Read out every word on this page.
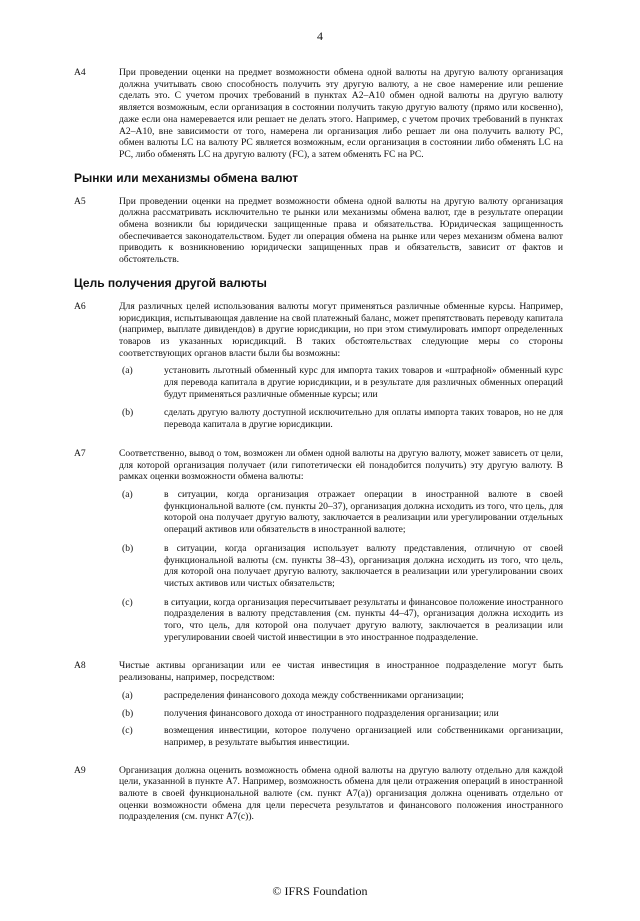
4
A4	При проведении оценки на предмет возможности обмена одной валюты на другую валюту организация должна учитывать свою способность получить эту другую валюту, а не свое намерение или решение сделать это. С учетом прочих требований в пунктах А2–А10 обмен одной валюты на другую валюту является возможным, если организация в состоянии получить такую другую валюту (прямо или косвенно), даже если она намеревается или решает не делать этого. Например, с учетом прочих требований в пунктах А2–А10, вне зависимости от того, намерена ли организация либо решает ли она получить валюту PC, обмен валюты LC на валюту PC является возможным, если организация в состоянии либо обменять LC на PC, либо обменять LC на другую валюту (FC), а затем обменять FC на PC.
Рынки или механизмы обмена валют
А5	При проведении оценки на предмет возможности обмена одной валюты на другую валюту организация должна рассматривать исключительно те рынки или механизмы обмена валют, где в результате операции обмена возникли бы юридически защищенные права и обязательства. Юридическая защищенность обеспечивается законодательством. Будет ли операция обмена на рынке или через механизм обмена валют приводить к возникновению юридически защищенных прав и обязательств, зависит от фактов и обстоятельств.
Цель получения другой валюты
А6	Для различных целей использования валюты могут применяться различные обменные курсы. Например, юрисдикция, испытывающая давление на свой платежный баланс, может препятствовать переводу капитала (например, выплате дивидендов) в другие юрисдикции, но при этом стимулировать импорт определенных товаров из указанных юрисдикций. В таких обстоятельствах следующие меры со стороны соответствующих органов власти были бы возможны:
(а)	установить льготный обменный курс для импорта таких товаров и «штрафной» обменный курс для перевода капитала в другие юрисдикции, и в результате для различных обменных операций будут применяться различные обменные курсы; или
(b)	сделать другую валюту доступной исключительно для оплаты импорта таких товаров, но не для перевода капитала в другие юрисдикции.
А7	Соответственно, вывод о том, возможен ли обмен одной валюты на другую валюту, может зависеть от цели, для которой организация получает (или гипотетически ей понадобится получить) эту другую валюту. В рамках оценки возможности обмена валюты:
(а)	в ситуации, когда организация отражает операции в иностранной валюте в своей функциональной валюте (см. пункты 20–37), организация должна исходить из того, что цель, для которой она получает другую валюту, заключается в реализации или урегулировании отдельных операций активов или обязательств в иностранной валюте;
(b)	в ситуации, когда организация использует валюту представления, отличную от своей функциональной валюты (см. пункты 38–43), организация должна исходить из того, что цель, для которой она получает другую валюту, заключается в реализации или урегулировании своих чистых активов или чистых обязательств;
(c)	в ситуации, когда организация пересчитывает результаты и финансовое положение иностранного подразделения в валюту представления (см. пункты 44–47), организация должна исходить из того, что цель, для которой она получает другую валюту, заключается в реализации или урегулировании своей чистой инвестиции в это иностранное подразделение.
А8	Чистые активы организации или ее чистая инвестиция в иностранное подразделение могут быть реализованы, например, посредством:
(а)	распределения финансового дохода между собственниками организации;
(b)	получения финансового дохода от иностранного подразделения организации; или
(c)	возмещения инвестиции, которое получено организацией или собственниками организации, например, в результате выбытия инвестиции.
А9	Организация должна оценить возможность обмена одной валюты на другую валюту отдельно для каждой цели, указанной в пункте А7. Например, возможность обмена для цели отражения операций в иностранной валюте в своей функциональной валюте (см. пункт А7(а)) организация должна оценивать отдельно от оценки возможности обмена для цели пересчета результатов и финансового положения иностранного подразделения (см. пункт А7(с)).
© IFRS Foundation
